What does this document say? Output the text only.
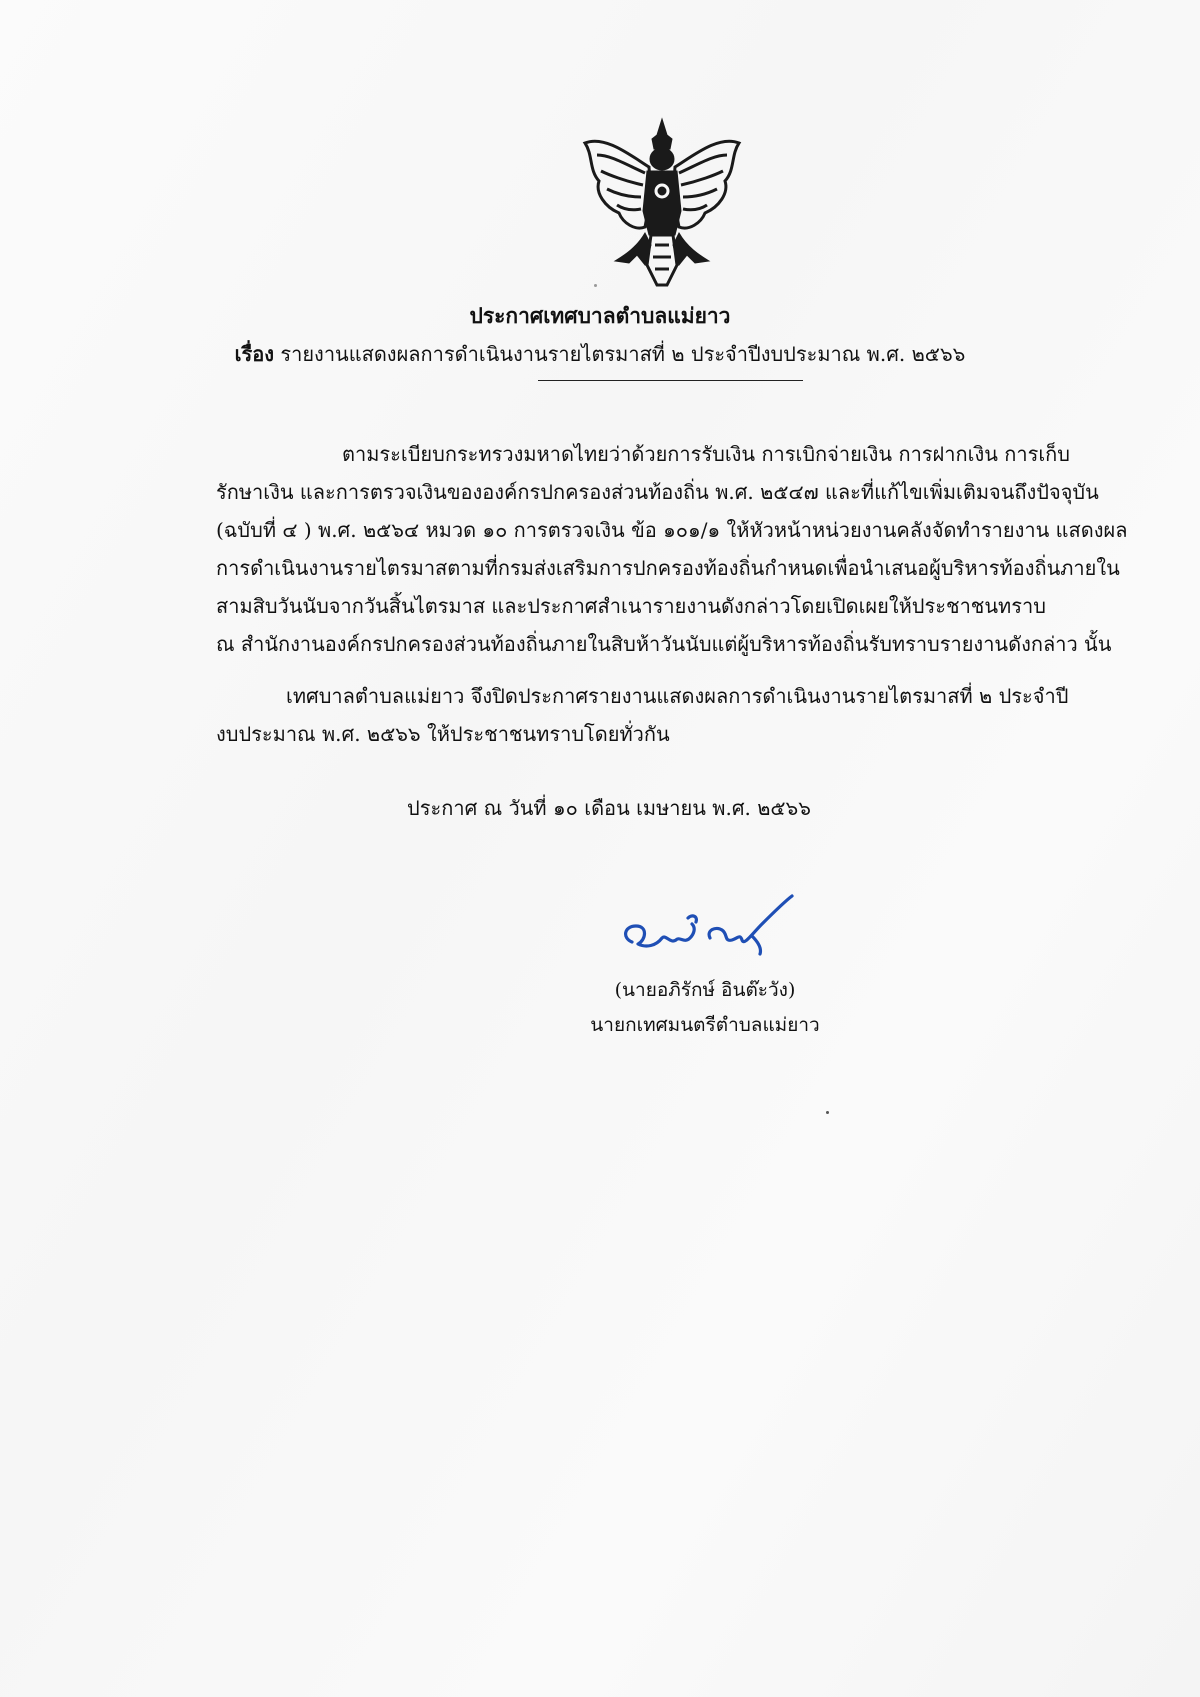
ประกาศเทศบาลตำบลแม่ยาว
เรื่อง รายงานแสดงผลการดำเนินงานรายไตรมาสที่ ๒ ประจำปีงบประมาณ พ.ศ. ๒๕๖๖
ตามระเบียบกระทรวงมหาดไทยว่าด้วยการรับเงิน การเบิกจ่ายเงิน การฝากเงิน การเก็บ
รักษาเงิน และการตรวจเงินขององค์กรปกครองส่วนท้องถิ่น พ.ศ. ๒๕๔๗ และที่แก้ไขเพิ่มเติมจนถึงปัจจุบัน
(ฉบับที่ ๔ ) พ.ศ. ๒๕๖๔ หมวด ๑๐ การตรวจเงิน ข้อ ๑๐๑/๑ ให้หัวหน้าหน่วยงานคลังจัดทำรายงาน แสดงผล
การดำเนินงานรายไตรมาสตามที่กรมส่งเสริมการปกครองท้องถิ่นกำหนดเพื่อนำเสนอผู้บริหารท้องถิ่นภายใน
สามสิบวันนับจากวันสิ้นไตรมาส และประกาศสำเนารายงานดังกล่าวโดยเปิดเผยให้ประชาชนทราบ
ณ สำนักงานองค์กรปกครองส่วนท้องถิ่นภายในสิบห้าวันนับแต่ผู้บริหารท้องถิ่นรับทราบรายงานดังกล่าว นั้น
เทศบาลตำบลแม่ยาว จึงปิดประกาศรายงานแสดงผลการดำเนินงานรายไตรมาสที่ ๒ ประจำปี
งบประมาณ พ.ศ. ๒๕๖๖ ให้ประชาชนทราบโดยทั่วกัน
ประกาศ ณ วันที่ ๑๐ เดือน เมษายน พ.ศ. ๒๕๖๖
(นายอภิรักษ์ อินต๊ะวัง)
นายกเทศมนตรีตำบลแม่ยาว
